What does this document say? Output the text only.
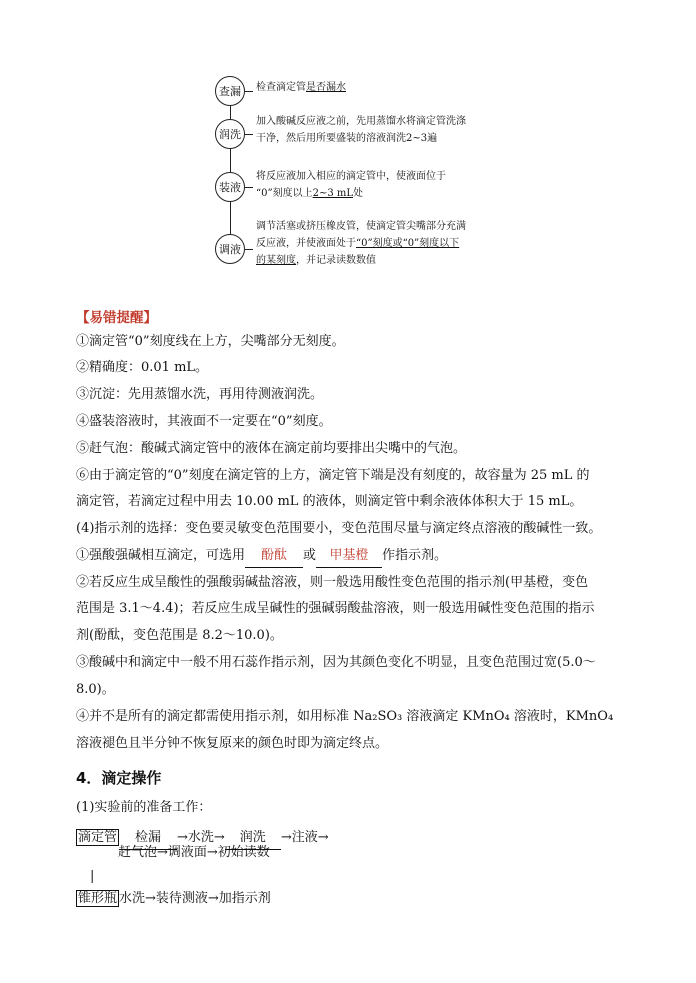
查漏	检查滴定管是否漏水
润洗
加入酸碱反应液之前，先用蒸馏水将滴定管洗涤
干净，然后用所要盛装的溶液润洗2~3遍
装液
将反应液加入相应的滴定管中，使液面位于
“0”刻度以上2~3 mL处
调液
调节活塞或挤压橡皮管，使滴定管尖嘴部分充满
反应液，并使液面处于“0”刻度或“0”刻度以下
的某刻度，并记录读数数值
【易错提醒】
①滴定管“0”刻度线在上方，尖嘴部分无刻度。
②精确度：0.01 mL。
③沉淀：先用蒸馏水洗，再用待测液润洗。
④盛装溶液时，其液面不一定要在“0”刻度。
⑤赶气泡：酸碱式滴定管中的液体在滴定前均要排出尖嘴中的气泡。
⑥由于滴定管的“0”刻度在滴定管的上方，滴定管下端是没有刻度的，故容量为 25 mL 的
滴定管，若滴定过程中用去 10.00 mL 的液体，则滴定管中剩余液体体积大于 15 mL。
(4)指示剂的选择：变色要灵敏变色范围要小，变色范围尽量与滴定终点溶液的酸碱性一致。
①强酸强碱相互滴定，可选用 酚酞 或 甲基橙 作指示剂。
②若反应生成呈酸性的强酸弱碱盐溶液，则一般选用酸性变色范围的指示剂(甲基橙，变色
范围是 3.1～4.4)；若反应生成呈碱性的强碱弱酸盐溶液，则一般选用碱性变色范围的指示
剂(酚酞，变色范围是 8.2～10.0)。
③酸碱中和滴定中一般不用石蕊作指示剂，因为其颜色变化不明显，且变色范围过宽(5.0～
8.0)。
④并不是所有的滴定都需使用指示剂，如用标准 Na₂SO₃ 溶液滴定 KMnO₄ 溶液时，KMnO₄
溶液褪色且半分钟不恢复原来的颜色时即为滴定终点。
4．滴定操作
(1)实验前的准备工作：
滴定管 检漏 →水洗→ 润洗 →注液→
赶气泡→调液面→初始读数
|
锥形瓶 水洗→装待测液→加指示剂
